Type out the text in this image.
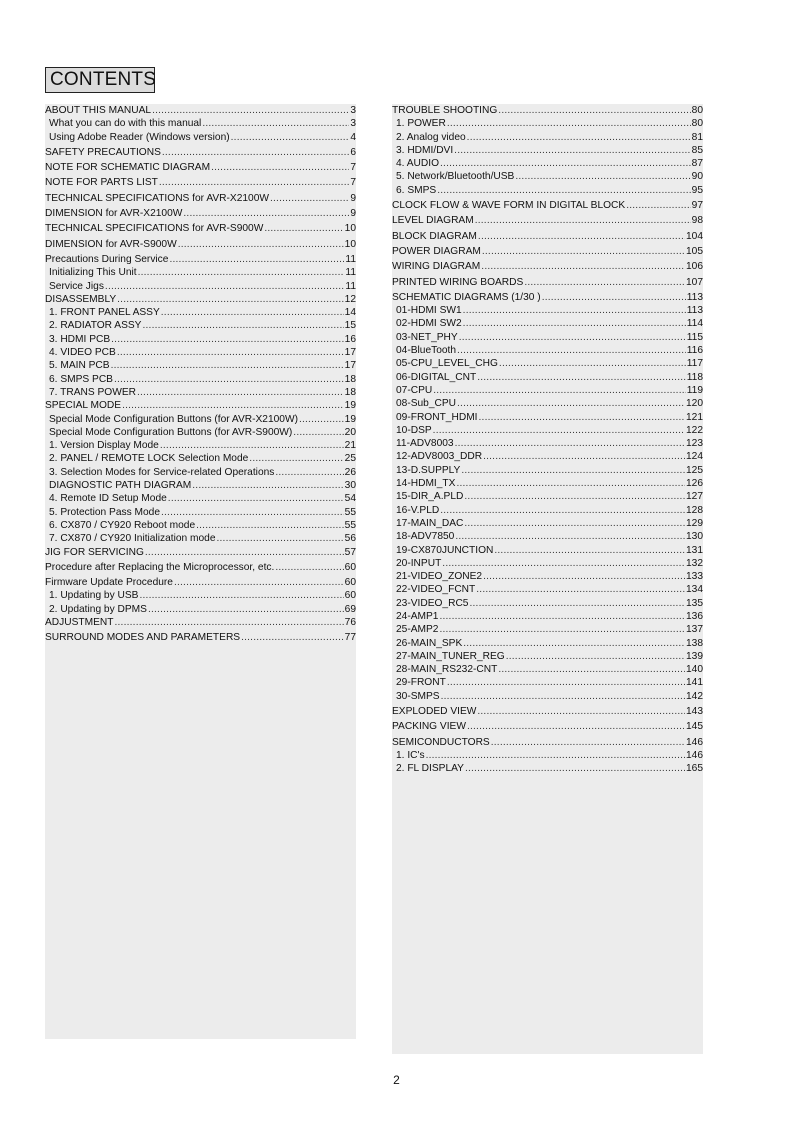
CONTENTS
ABOUT THIS MANUAL .....	3
What you can do with this manual .....	3
Using Adobe Reader (Windows version) .....	4
SAFETY PRECAUTIONS .....	6
NOTE FOR SCHEMATIC DIAGRAM .....	7
NOTE FOR PARTS LIST .....	7
TECHNICAL SPECIFICATIONS for AVR-X2100W .....	9
DIMENSION for AVR-X2100W .....	9
TECHNICAL SPECIFICATIONS for AVR-S900W .....	10
DIMENSION for AVR-S900W .....	10
Precautions During Service .....	11
Initializing This Unit .....	11
Service Jigs .....	11
DISASSEMBLY .....	12
1. FRONT PANEL ASSY .....	14
2. RADIATOR ASSY .....	15
3. HDMI PCB .....	16
4. VIDEO PCB .....	17
5. MAIN PCB .....	17
6. SMPS PCB .....	18
7. TRANS POWER .....	18
SPECIAL MODE .....	19
Special Mode Configuration Buttons (for AVR-X2100W) .....	19
Special Mode Configuration Buttons (for AVR-S900W) .....	20
1. Version Display Mode .....	21
2. PANEL / REMOTE LOCK Selection Mode .....	25
3. Selection Modes for Service-related Operations .....	26
DIAGNOSTIC PATH DIAGRAM .....	30
4. Remote ID Setup Mode .....	54
5. Protection Pass Mode .....	55
6. CX870 / CY920 Reboot mode .....	55
7. CX870 / CY920 Initialization mode .....	56
JIG FOR SERVICING .....	57
Procedure after Replacing the Microprocessor, etc. .....	60
Firmware Update Procedure .....	60
1. Updating by USB .....	60
2. Updating by DPMS .....	69
ADJUSTMENT .....	76
SURROUND MODES AND PARAMETERS .....	77
TROUBLE SHOOTING .....	80
1. POWER .....	80
2. Analog video .....	81
3. HDMI/DVI .....	85
4. AUDIO .....	87
5. Network/Bluetooth/USB .....	90
6. SMPS .....	95
CLOCK FLOW & WAVE FORM IN DIGITAL BLOCK .....	97
LEVEL DIAGRAM .....	98
BLOCK DIAGRAM .....	104
POWER DIAGRAM .....	105
WIRING DIAGRAM .....	106
PRINTED WIRING BOARDS .....	107
SCHEMATIC DIAGRAMS (1/30 ) .....	113
01-HDMI SW1 .....	113
02-HDMI SW2 .....	114
03-NET_PHY .....	115
04-BlueTooth .....	116
05-CPU_LEVEL_CHG .....	117
06-DIGITAL_CNT .....	118
07-CPU .....	119
08-Sub_CPU .....	120
09-FRONT_HDMI .....	121
10-DSP .....	122
11-ADV8003 .....	123
12-ADV8003_DDR .....	124
13-D.SUPPLY .....	125
14-HDMI_TX .....	126
15-DIR_A.PLD .....	127
16-V.PLD .....	128
17-MAIN_DAC .....	129
18-ADV7850 .....	130
19-CX870JUNCTION .....	131
20-INPUT .....	132
21-VIDEO_ZONE2 .....	133
22-VIDEO_FCNT .....	134
23-VIDEO_RC5 .....	135
24-AMP1 .....	136
25-AMP2 .....	137
26-MAIN_SPK .....	138
27-MAIN_TUNER_REG .....	139
28-MAIN_RS232-CNT .....	140
29-FRONT .....	141
30-SMPS .....	142
EXPLODED VIEW .....	143
PACKING VIEW .....	145
SEMICONDUCTORS .....	146
1. IC's .....	146
2. FL DISPLAY .....	165
2
